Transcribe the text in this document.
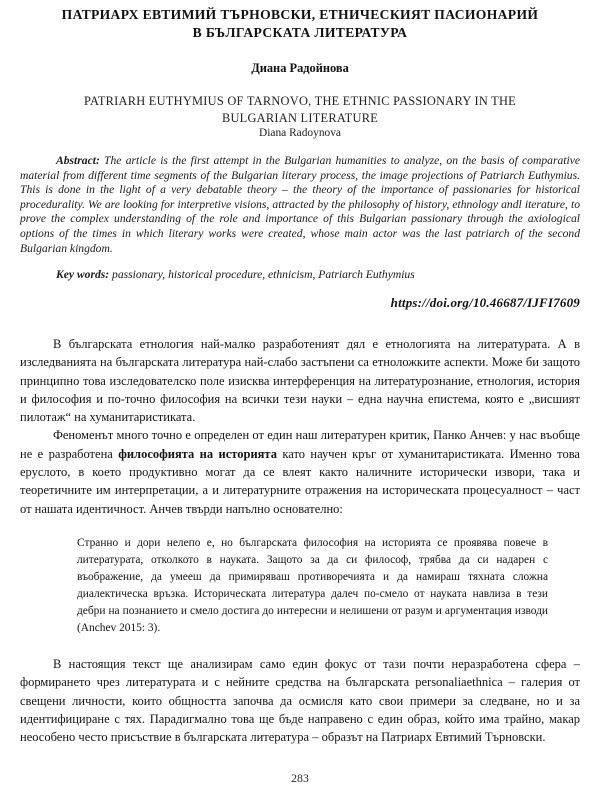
ПАТРИАРХ ЕВТИМИЙ ТЪРНОВСКИ, ЕТНИЧЕСКИЯТ ПАСИОНАРИЙ
В БЪЛГАРСКАТА ЛИТЕРАТУРА
Диана Радойнова
PATRIARH EUTHYMIUS OF TARNOVO, THE ETHNIC PASSIONARY IN THE
BULGARIAN LITERATURE
Diana Radoynova

Abstract: The article is the first attempt in the Bulgarian humanities to analyze, on the basis of comparative material from different time segments of the Bulgarian literary process, the image projections of Patriarch Euthymius. This is done in the light of a very debatable theory – the theory of the importance of passionaries for historical procedurality. We are looking for interpretive visions, attracted by the philosophy of history, ethnology andl iterature, to prove the complex understanding of the role and importance of this Bulgarian passionary through the axiological options of the times in which literary works were created, whose main actor was the last patriarch of the second Bulgarian kingdom.

Key words: passionary, historical procedure, ethnicism, Patriarch Euthymius

https://doi.org/10.46687/IJFI7609

В българската етнология най-малко разработеният дял е етнологията на литературата. А в изследванията на българската литература най-слабо застъпени са етноложките аспекти. Може би защото принципно това изследователско поле изисква интерференция на литературознание, етнология, история и философия и по-точно философия на всички тези науки – една научна епистема, която е „висшият пилотаж“ на хуманитаристиката.

Феноменът много точно е определен от един наш литературен критик, Панко Анчев: у нас въобще не е разработена философията на историята като научен кръг от хуманитаристиката. Именно това еруслото, в което продуктивно могат да се влеят както наличните исторически извори, така и теоретичните им интерпретации, а и литературните отражения на историческата процесуалност – част от нашата идентичност. Анчев твърди напълно основателно:

Странно и дори нелепо е, но българската философия на историята се проявява повече в литературата, отколкото в науката. Защото за да си философ, трябва да си надарен с въображение, да умееш да примиряваш противоречията и да намираш тяхната сложна диалектическа връзка. Историческата литература далеч по-смело от науката навлиза в тези дебри на познанието и смело достига до интересни и нелишени от разум и аргументация изводи (Anchev 2015: 3).

В настоящия текст ще анализирам само един фокус от тази почти неразработена сфера – формирането чрез литературата и с нейните средства на българската personaliaethnica – галерия от свещени личности, които общността започва да осмисля като свои примери за следване, но и за идентифициране с тях. Парадигмално това ще бъде направено с един образ, който има трайно, макар неособено често присъствие в българската литература – образът на Патриарх Евтимий Търновски.

283
